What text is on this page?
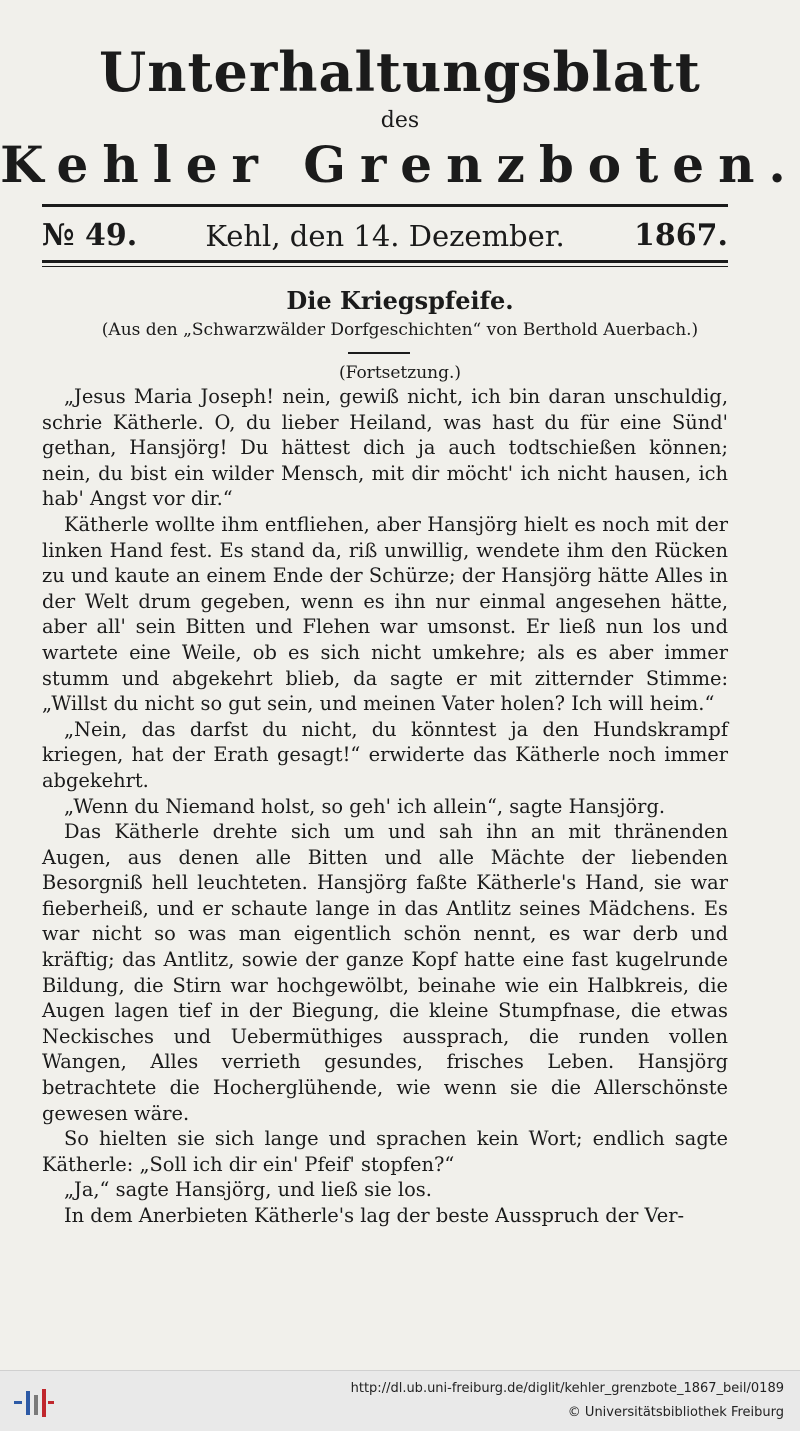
Unterhaltungsblatt
des
Kehler Grenzboten.
№ 49.	Kehl, den 14. Dezember.	1867.
Die Kriegspfeife.
(Aus den „Schwarzwälder Dorfgeschichten“ von Berthold Auerbach.)
(Fortsetzung.)

„Jesus Maria Joseph! nein, gewiß nicht, ich bin daran unschuldig, schrie Kätherle. O, du lieber Heiland, was hast du für eine Sünd' gethan, Hansjörg! Du hättest dich ja auch todtschießen können; nein, du bist ein wilder Mensch, mit dir möcht' ich nicht hausen, ich hab' Angst vor dir.“

Kätherle wollte ihm entfliehen, aber Hansjörg hielt es noch mit der linken Hand fest. Es stand da, riß unwillig, wendete ihm den Rücken zu und kaute an einem Ende der Schürze; der Hansjörg hätte Alles in der Welt drum gegeben, wenn es ihn nur einmal angesehen hätte, aber all' sein Bitten und Flehen war umsonst. Er ließ nun los und wartete eine Weile, ob es sich nicht umkehre; als es aber immer stumm und abgekehrt blieb, da sagte er mit zitternder Stimme: „Willst du nicht so gut sein, und meinen Vater holen? Ich will heim.“

„Nein, das darfst du nicht, du könntest ja den Hundskrampf kriegen, hat der Erath gesagt!“ erwiderte das Kätherle noch immer abgekehrt.

„Wenn du Niemand holst, so geh' ich allein“, sagte Hansjörg.

Das Kätherle drehte sich um und sah ihn an mit thränenden Augen, aus denen alle Bitten und alle Mächte der liebenden Besorgniß hell leuchteten. Hansjörg faßte Kätherle's Hand, sie war fieberheiß, und er schaute lange in das Antlitz seines Mädchens. Es war nicht so was man eigentlich schön nennt, es war derb und kräftig; das Antlitz, sowie der ganze Kopf hatte eine fast kugelrunde Bildung, die Stirn war hochgewölbt, beinahe wie ein Halbkreis, die Augen lagen tief in der Biegung, die kleine Stumpfnase, die etwas Neckisches und Uebermüthiges aussprach, die runden vollen Wangen, Alles verrieth gesundes, frisches Leben. Hansjörg betrachtete die Hocherglühende, wie wenn sie die Allerschönste gewesen wäre.

So hielten sie sich lange und sprachen kein Wort; endlich sagte Kätherle: „Soll ich dir ein' Pfeif' stopfen?“

„Ja,“ sagte Hansjörg, und ließ sie los.

In dem Anerbieten Kätherle's lag der beste Ausspruch der Ver-

http://dl.ub.uni-freiburg.de/diglit/kehler_grenzbote_1867_beil/0189
© Universitätsbibliothek Freiburg
